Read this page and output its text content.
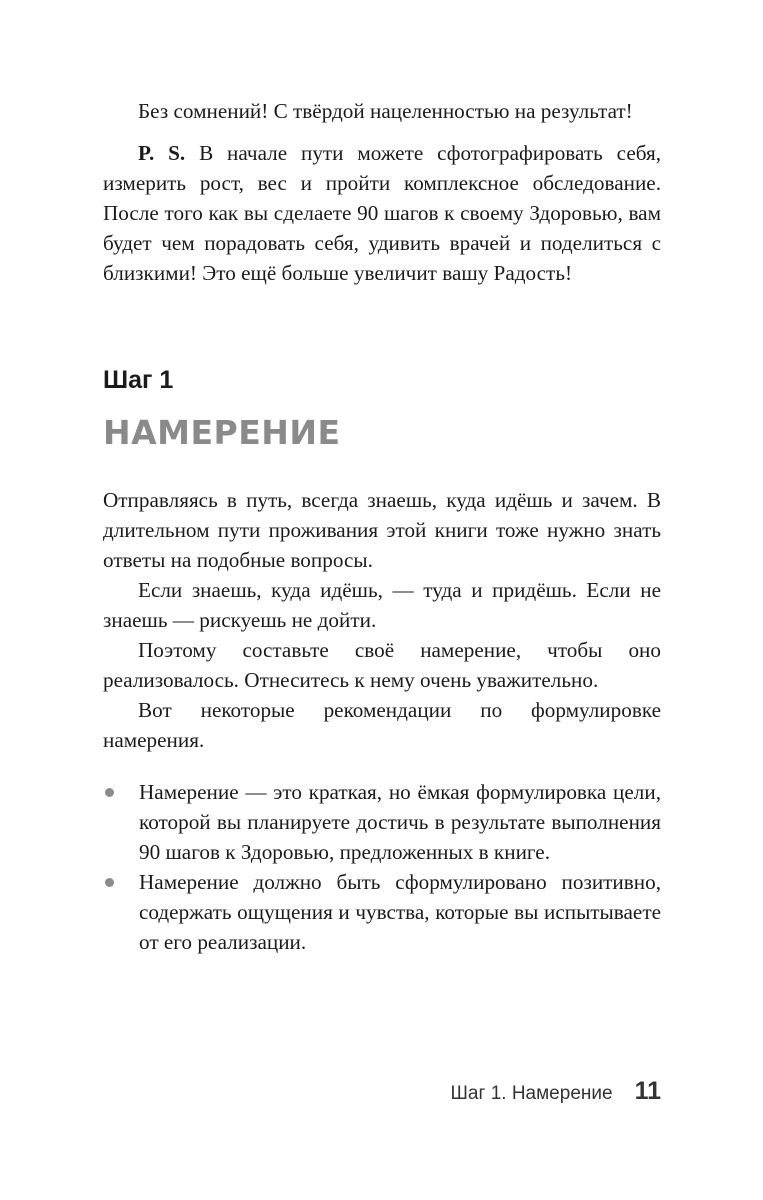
Без сомнений! С твёрдой нацеленностью на результат!

P. S. В начале пути можете сфотографировать себя, измерить рост, вес и пройти комплексное обследование. После того как вы сделаете 90 шагов к своему Здоровью, вам будет чем порадовать себя, удивить врачей и поделиться с близкими! Это ещё больше увеличит вашу Радость!

Шаг 1
НАМЕРЕНИЕ

Отправляясь в путь, всегда знаешь, куда идёшь и зачем. В длительном пути проживания этой книги тоже нужно знать ответы на подобные вопросы.

Если знаешь, куда идёшь, — туда и придёшь. Если не знаешь — рискуешь не дойти.

Поэтому составьте своё намерение, чтобы оно реализовалось. Отнеситесь к нему очень уважительно.

Вот некоторые рекомендации по формулировке намерения.

Намерение — это краткая, но ёмкая формулировка цели, которой вы планируете достичь в результате выполнения 90 шагов к Здоровью, предложенных в книге.
Намерение должно быть сформулировано позитивно, содержать ощущения и чувства, которые вы испытываете от его реализации.
Шаг 1. Намерение 11
